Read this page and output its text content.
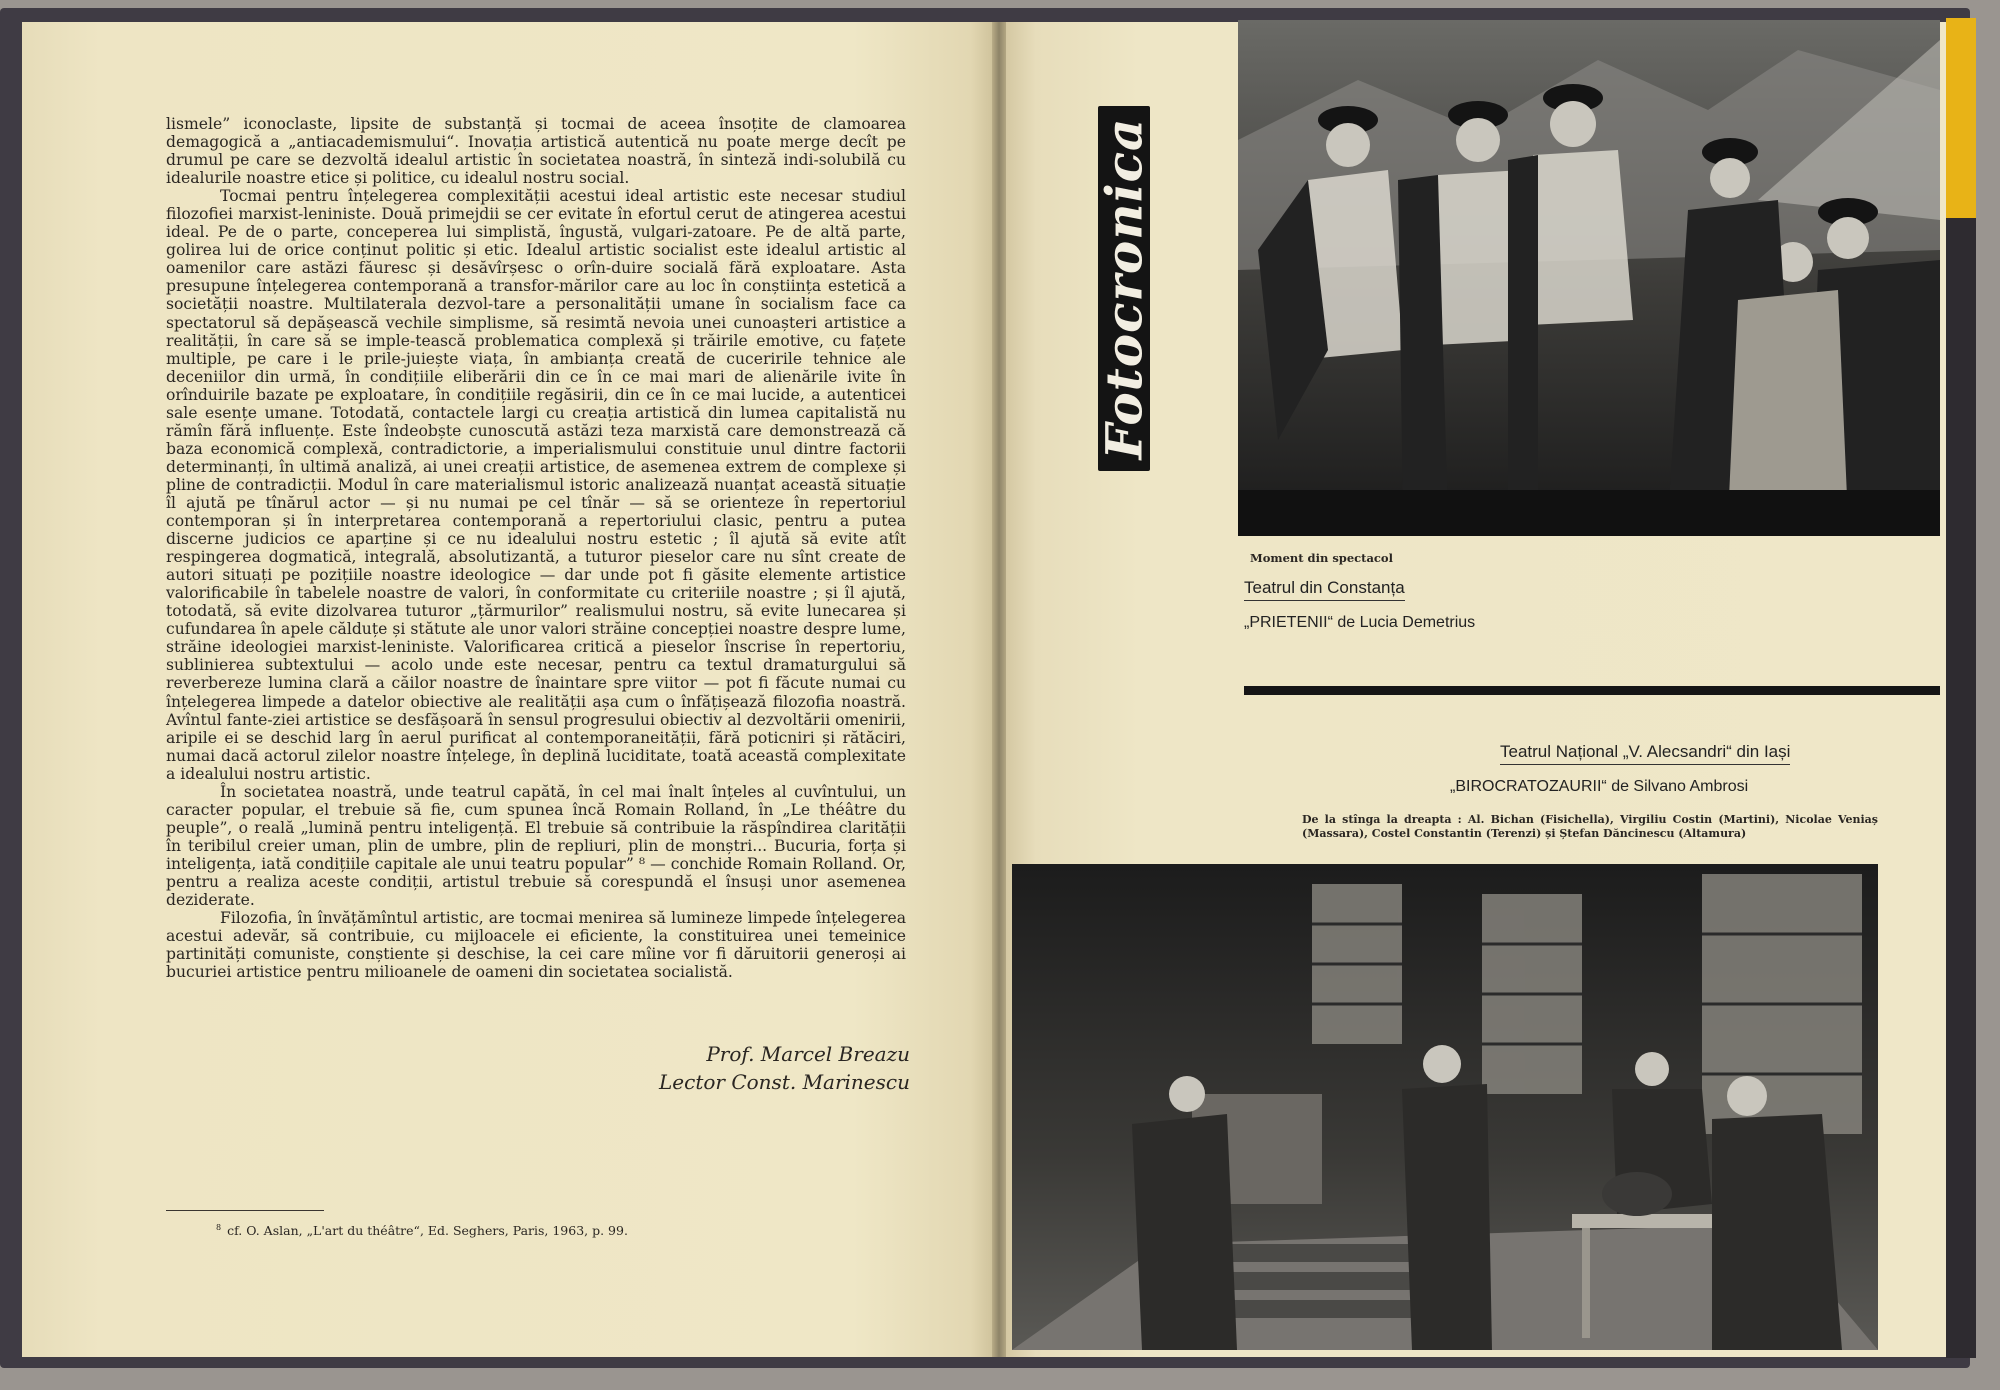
lismele” iconoclaste, lipsite de substanță și tocmai de aceea însoțite de clamoarea demagogică a „antiacademismului“. Inovația artistică autentică nu poate merge decît pe drumul pe care se dezvoltă idealul artistic în societatea noastră, în sinteză indi-solubilă cu idealurile noastre etice și politice, cu idealul nostru social.

Tocmai pentru înțelegerea complexității acestui ideal artistic este necesar studiul filozofiei marxist-leniniste. Două primejdii se cer evitate în efortul cerut de atingerea acestui ideal. Pe de o parte, conceperea lui simplistă, îngustă, vulgari-zatoare. Pe de altă parte, golirea lui de orice conținut politic și etic. Idealul artistic socialist este idealul artistic al oamenilor care astăzi făuresc și desăvîrșesc o orîn-duire socială fără exploatare. Asta presupune înțelegerea contemporană a transfor-mărilor care au loc în conștiința estetică a societății noastre. Multilaterala dezvol-tare a personalității umane în socialism face ca spectatorul să depășească vechile simplisme, să resimtă nevoia unei cunoașteri artistice a realității, în care să se imple-tească problematica complexă și trăirile emotive, cu fațete multiple, pe care i le prile-juiește viața, în ambianța creată de cuceririle tehnice ale deceniilor din urmă, în condițiile eliberării din ce în ce mai mari de alienările ivite în orînduirile bazate pe exploatare, în condițiile regăsirii, din ce în ce mai lucide, a autenticei sale esențe umane. Totodată, contactele largi cu creația artistică din lumea capitalistă nu rămîn fără influențe. Este îndeobște cunoscută astăzi teza marxistă care demonstrează că baza economică complexă, contradictorie, a imperialismului constituie unul dintre factorii determinanți, în ultimă analiză, ai unei creații artistice, de asemenea extrem de complexe și pline de contradicții. Modul în care materialismul istoric analizează nuanțat această situație îl ajută pe tînărul actor — și nu numai pe cel tînăr — să se orienteze în repertoriul contemporan și în interpretarea contemporană a repertoriului clasic, pentru a putea discerne judicios ce aparține și ce nu idealului nostru estetic ; îl ajută să evite atît respingerea dogmatică, integrală, absolutizantă, a tuturor pieselor care nu sînt create de autori situați pe pozițiile noastre ideologice — dar unde pot fi găsite elemente artistice valorificabile în tabelele noastre de valori, în conformitate cu criteriile noastre ; și îl ajută, totodată, să evite dizolvarea tuturor „țărmurilor” realismului nostru, să evite lunecarea și cufundarea în apele călduțe și stătute ale unor valori străine concepției noastre despre lume, străine ideologiei marxist-leniniste. Valorificarea critică a pieselor înscrise în repertoriu, sublinierea subtextului — acolo unde este necesar, pentru ca textul dramaturgului să reverbereze lumina clară a căilor noastre de înaintare spre viitor — pot fi făcute numai cu înțelegerea limpede a datelor obiective ale realității așa cum o înfățișează filozofia noastră. Avîntul fante-ziei artistice se desfășoară în sensul progresului obiectiv al dezvoltării omenirii, aripile ei se deschid larg în aerul purificat al contemporaneității, fără poticniri și rătăciri, numai dacă actorul zilelor noastre înțelege, în deplină luciditate, toată această complexitate a idealului nostru artistic.

În societatea noastră, unde teatrul capătă, în cel mai înalt înțeles al cuvîntului, un caracter popular, el trebuie să fie, cum spunea încă Romain Rolland, în „Le théâtre du peuple”, o reală „lumină pentru inteligență. El trebuie să contribuie la răspîndirea clarității în teribilul creier uman, plin de umbre, plin de repliuri, plin de monștri... Bucuria, forța și inteligența, iată condițiile capitale ale unui teatru popular” ⁸ — conchide Romain Rolland. Or, pentru a realiza aceste condiții, artistul trebuie să corespundă el însuși unor asemenea deziderate.

Filozofia, în învățămîntul artistic, are tocmai menirea să lumineze limpede înțelegerea acestui adevăr, să contribuie, cu mijloacele ei eficiente, la constituirea unei temeinice partinități comuniste, conștiente și deschise, la cei care mîine vor fi dăruitorii generoși ai bucuriei artistice pentru milioanele de oameni din societatea socialistă.

Prof. Marcel Breazu
Lector Const. Marinescu
$^8$ cf. O. Aslan, „L'art du théâtre“, Ed. Seghers, Paris, 1963, p. 99.
Fotocronica
Moment din spectacol
Teatrul din Constanța
„PRIETENII“ de Lucia Demetrius
Teatrul Național „V. Alecsandri“ din Iași
„BIROCRATOZAURII“ de Silvano Ambrosi
De la stînga la dreapta : Al. Bichan (Fisichella), Virgiliu Costin (Martini), Nicolae Veniaș (Massara), Costel Constantin (Terenzi) și Ștefan Dăncinescu (Altamura)
